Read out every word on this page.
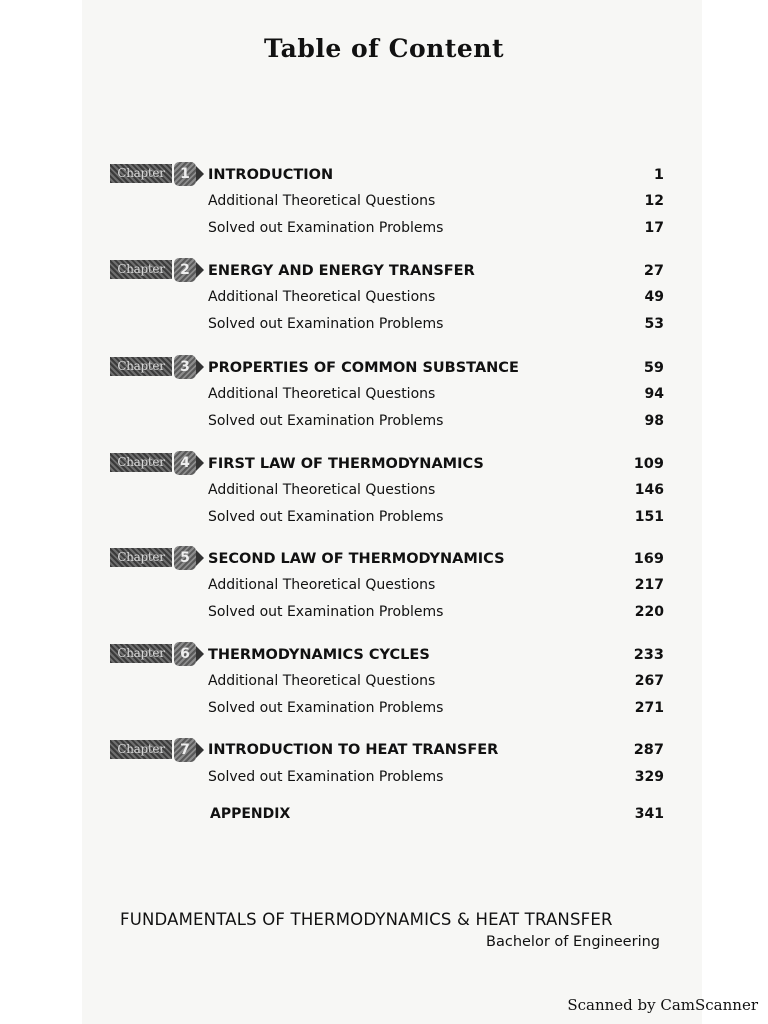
Table of Content
Chapter	1	INTRODUCTION	1
Additional Theoretical Questions	12
Solved out Examination Problems	17
Chapter	2	ENERGY AND ENERGY TRANSFER	27
Additional Theoretical Questions	49
Solved out Examination Problems	53
Chapter	3	PROPERTIES OF COMMON SUBSTANCE	59
Additional Theoretical Questions	94
Solved out Examination Problems	98
Chapter	4	FIRST LAW OF THERMODYNAMICS	109
Additional Theoretical Questions	146
Solved out Examination Problems	151
Chapter	5	SECOND LAW OF THERMODYNAMICS	169
Additional Theoretical Questions	217
Solved out Examination Problems	220
Chapter	6	THERMODYNAMICS CYCLES	233
Additional Theoretical Questions	267
Solved out Examination Problems	271
Chapter	7	INTRODUCTION TO HEAT TRANSFER	287
Solved out Examination Problems	329
APPENDIX	341
FUNDAMENTALS OF THERMODYNAMICS & HEAT TRANSFER
Bachelor of Engineering
Scanned by CamScanner
